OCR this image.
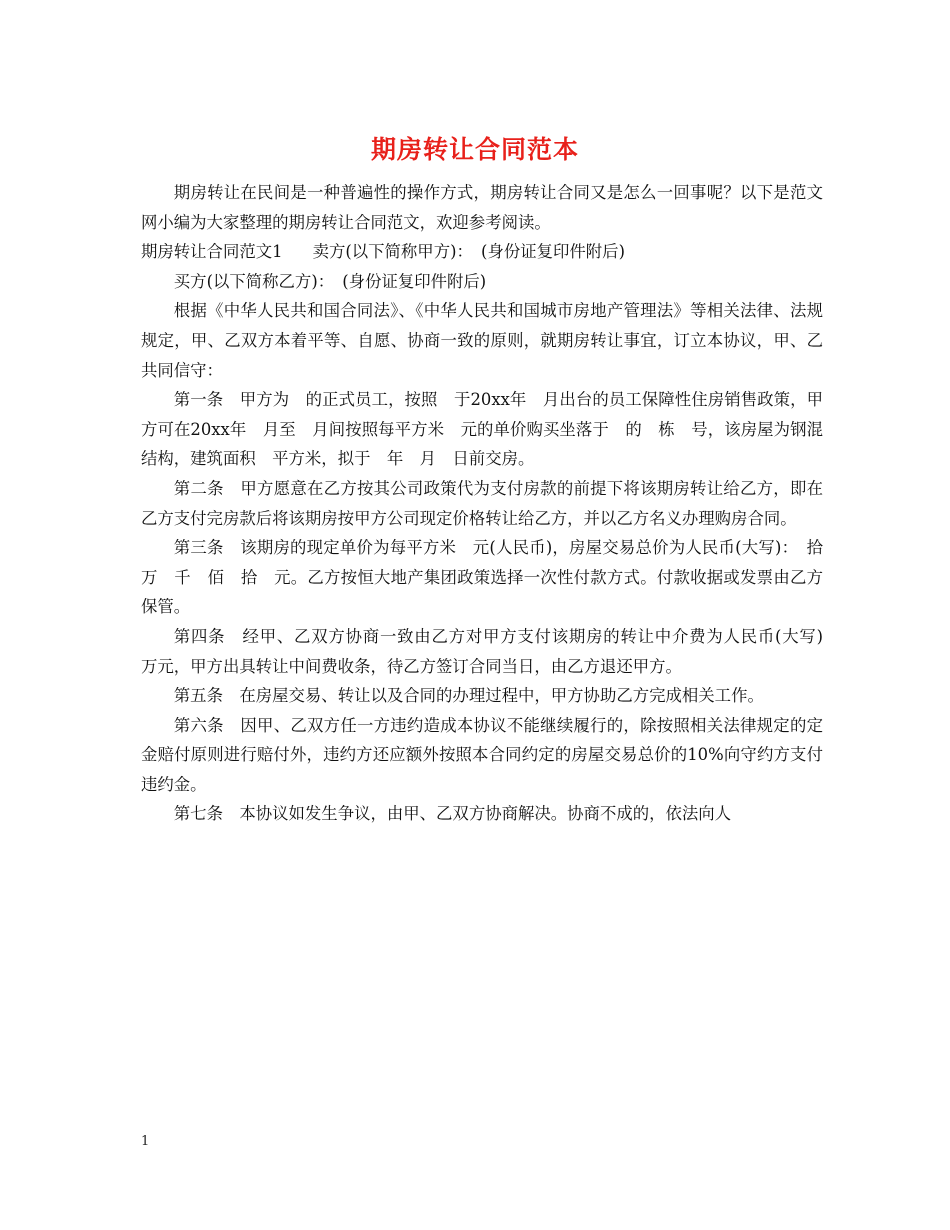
期房转让合同范本

期房转让在民间是一种普遍性的操作方式，期房转让合同又是怎么一回事呢？以下是范文网小编为大家整理的期房转让合同范文，欢迎参考阅读。

期房转让合同范文1 卖方(以下简称甲方)：　(身份证复印件附后)

买方(以下简称乙方)：　(身份证复印件附后)

根据《中华人民共和国合同法》、《中华人民共和国城市房地产管理法》等相关法律、法规规定，甲、乙双方本着平等、自愿、协商一致的原则，就期房转让事宜，订立本协议，甲、乙共同信守：

第一条　甲方为　的正式员工，按照　于20xx年　月出台的员工保障性住房销售政策，甲方可在20xx年　月至　月间按照每平方米　元的单价购买坐落于　的　栋　号，该房屋为钢混结构，建筑面积　平方米，拟于　年　月　日前交房。

第二条　甲方愿意在乙方按其公司政策代为支付房款的前提下将该期房转让给乙方，即在乙方支付完房款后将该期房按甲方公司现定价格转让给乙方，并以乙方名义办理购房合同。

第三条　该期房的现定单价为每平方米　元(人民币)，房屋交易总价为人民币(大写)：　拾　万　千　佰　拾　元。乙方按恒大地产集团政策选择一次性付款方式。付款收据或发票由乙方保管。

第四条　经甲、乙双方协商一致由乙方对甲方支付该期房的转让中介费为人民币(大写)　万元，甲方出具转让中间费收条，待乙方签订合同当日，由乙方退还甲方。

第五条　在房屋交易、转让以及合同的办理过程中，甲方协助乙方完成相关工作。

第六条　因甲、乙双方任一方违约造成本协议不能继续履行的，除按照相关法律规定的定金赔付原则进行赔付外，违约方还应额外按照本合同约定的房屋交易总价的10%向守约方支付违约金。

第七条　本协议如发生争议，由甲、乙双方协商解决。协商不成的，依法向人

1
